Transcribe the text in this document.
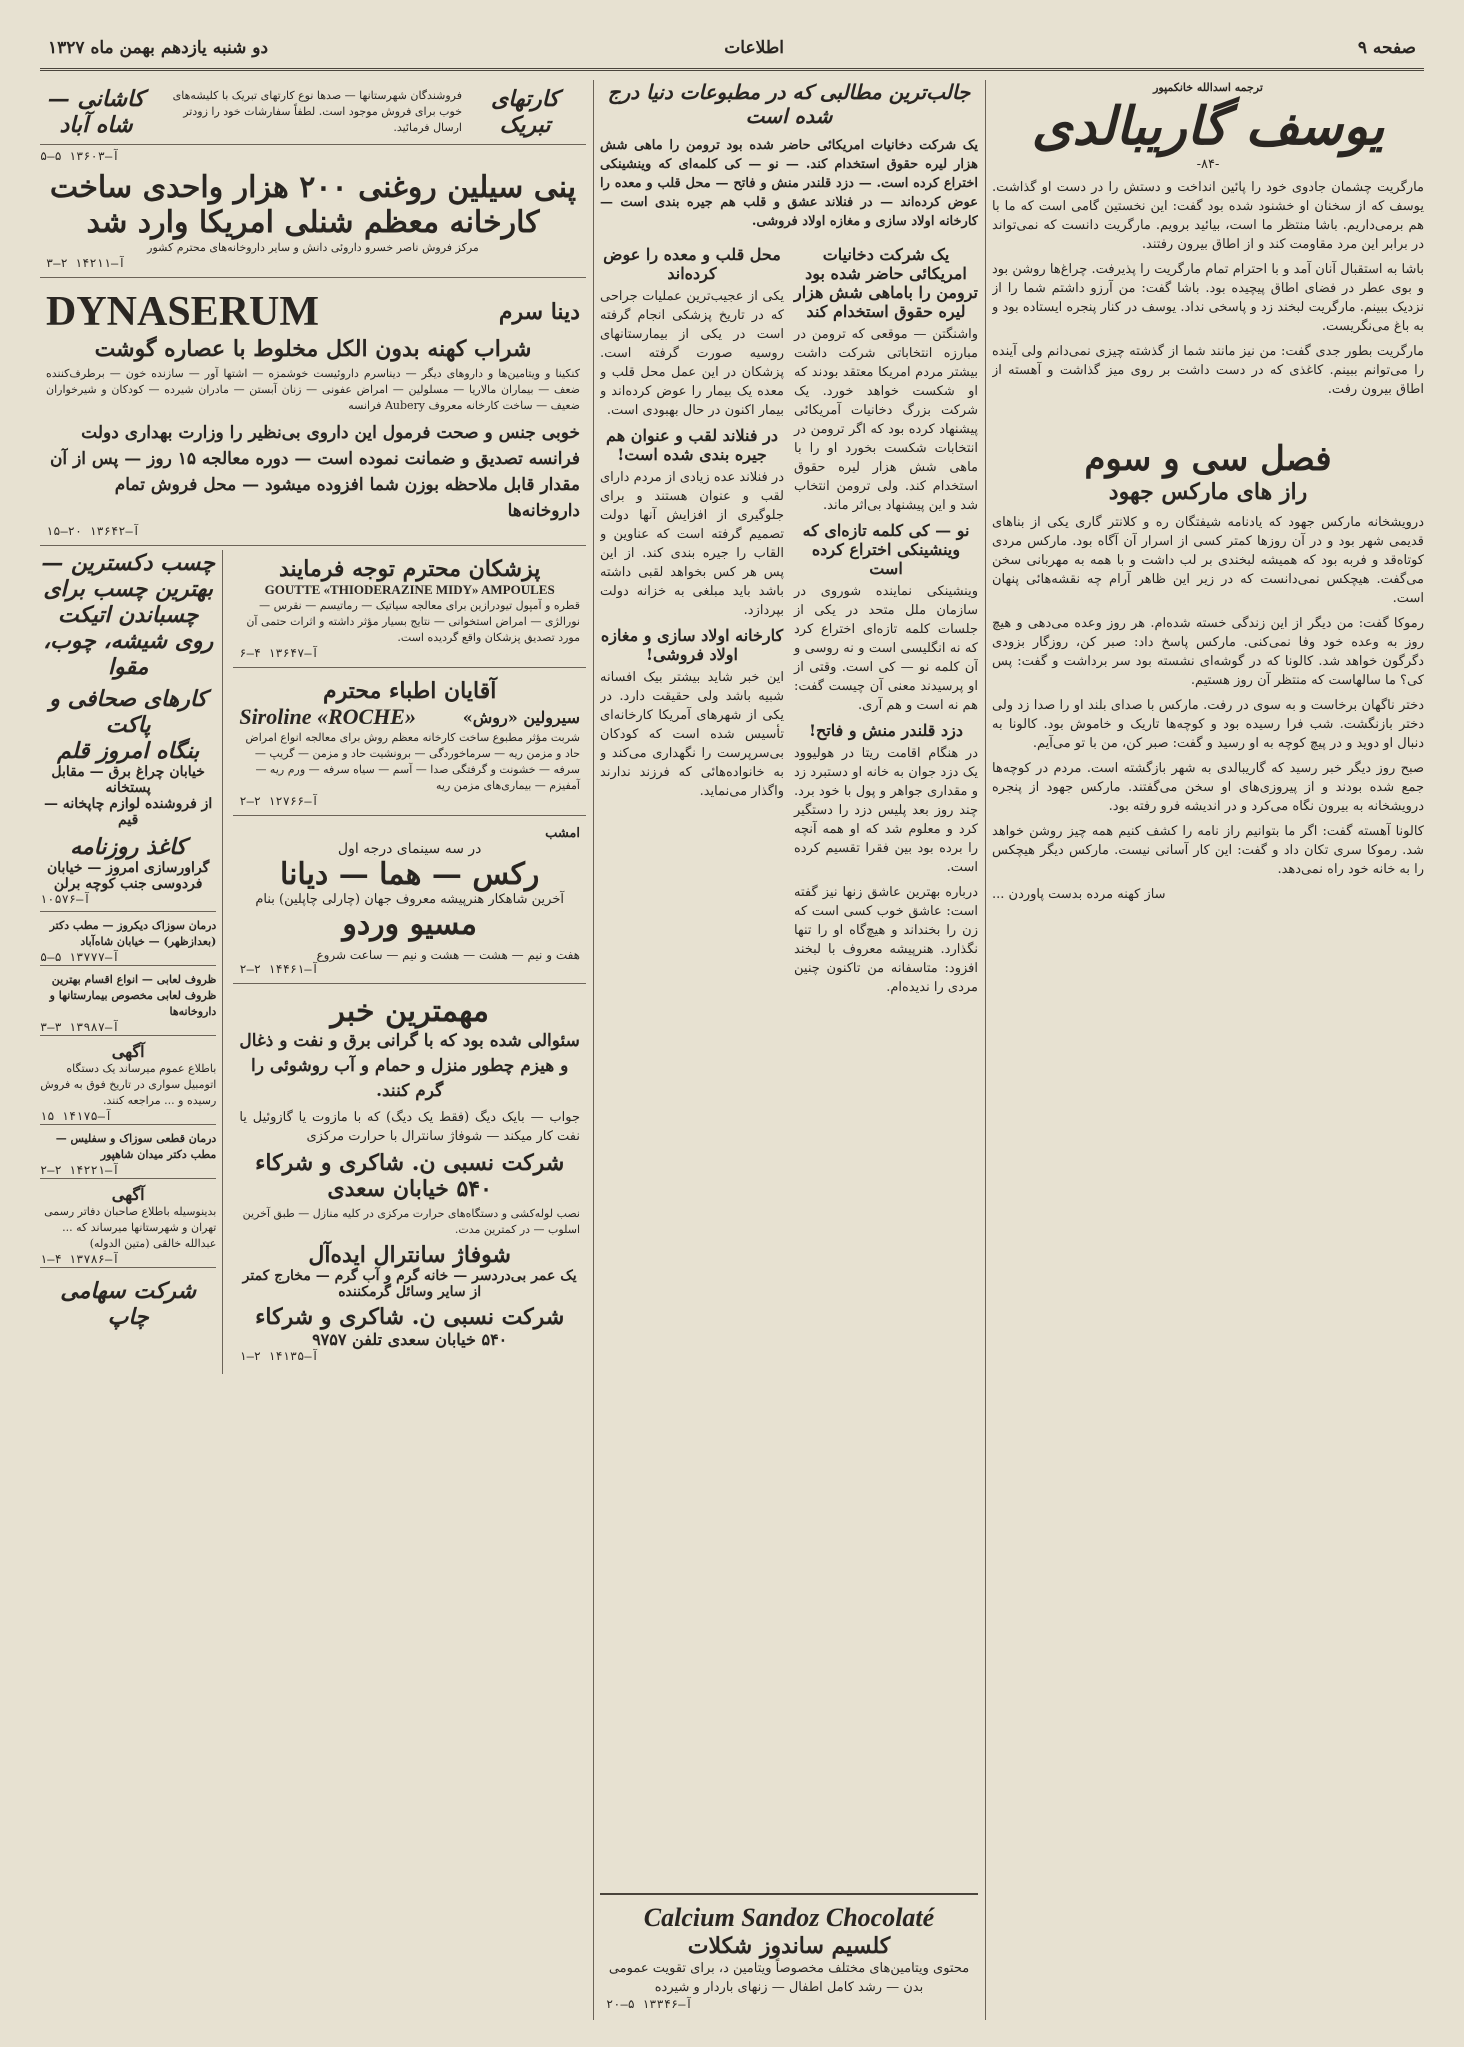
صفحه ۹
اطلاعات
دو شنبه یازدهم بهمن ماه ۱۳۲۷
ترجمه اسدالله خانکمپور
یوسف گاریبالدی
-۸۴-
مارگریت چشمان جادوی خود را پائین انداخت و دستش را در دست او گذاشت. یوسف که از سخنان او خشنود شده بود گفت: این نخستین گامی است که ما با هم برمی‌داریم. باشا منتظر ما است، بیائید برویم. مارگریت دانست که نمی‌تواند در برابر این مرد مقاومت کند و از اطاق بیرون رفتند.
باشا به استقبال آنان آمد و با احترام تمام مارگریت را پذیرفت. چراغ‌ها روشن بود و بوی عطر در فضای اطاق پیچیده بود. باشا گفت: من آرزو داشتم شما را از نزدیک ببینم. مارگریت لبخند زد و پاسخی نداد. یوسف در کنار پنجره ایستاده بود و به باغ می‌نگریست.
مارگریت بطور جدی گفت: من نیز مانند شما از گذشته چیزی نمی‌دانم ولی آینده را می‌توانم ببینم. کاغذی که در دست داشت بر روی میز گذاشت و آهسته از اطاق بیرون رفت.
فصل سی و سوم
راز های مارکس جهود
درویشخانه مارکس جهود که یادنامه شیفتگان ره و کلانتر گاری یکی از بناهای قدیمی شهر بود و در آن روزها کمتر کسی از اسرار آن آگاه بود. مارکس مردی کوتاه‌قد و فربه بود که همیشه لبخندی بر لب داشت و با همه به مهربانی سخن می‌گفت. هیچکس نمی‌دانست که در زیر این ظاهر آرام چه نقشه‌هائی پنهان است.
رموکا گفت: من دیگر از این زندگی خسته شده‌ام. هر روز وعده می‌دهی و هیچ روز به وعده خود وفا نمی‌کنی. مارکس پاسخ داد: صبر کن، روزگار بزودی دگرگون خواهد شد. کالونا که در گوشه‌ای نشسته بود سر برداشت و گفت: پس کی؟ ما سالهاست که منتظر آن روز هستیم.
دختر ناگهان برخاست و به سوی در رفت. مارکس با صدای بلند او را صدا زد ولی دختر بازنگشت. شب فرا رسیده بود و کوچه‌ها تاریک و خاموش بود. کالونا به دنبال او دوید و در پیچ کوچه به او رسید و گفت: صبر کن، من با تو می‌آیم.
صبح روز دیگر خبر رسید که گاریبالدی به شهر بازگشته است. مردم در کوچه‌ها جمع شده بودند و از پیروزی‌های او سخن می‌گفتند. مارکس جهود از پنجره درویشخانه به بیرون نگاه می‌کرد و در اندیشه فرو رفته بود.
کالونا آهسته گفت: اگر ما بتوانیم راز نامه را کشف کنیم همه چیز روشن خواهد شد. رموکا سری تکان داد و گفت: این کار آسانی نیست. مارکس دیگر هیچکس را به خانه خود راه نمی‌دهد.
ساز کهنه مرده بدست پاوردن ...
جالب‌ترین مطالبی که در مطبوعات دنیا درج شده است
یک شرکت دخانیات امریکائی حاضر شده بود ترومن را ماهی شش هزار لیره حقوق استخدام کند. — نو — کی کلمه‌ای که وینشینکی اختراع کرده است. — دزد قلندر منش و فاتح — محل قلب و معده را عوض کرده‌اند — در فنلاند عشق و قلب هم جیره بندی است — کارخانه اولاد سازی و مغازه اولاد فروشی.
یک شرکت دخانیات امریکائی حاضر شده بود ترومن را باماهی شش هزار لیره حقوق استخدام کند
واشنگتن — موقعی که ترومن در مبارزه انتخاباتی شرکت داشت بیشتر مردم امریکا معتقد بودند که او شکست خواهد خورد. یک شرکت بزرگ دخانیات آمریکائی پیشنهاد کرده بود که اگر ترومن در انتخابات شکست بخورد او را با ماهی شش هزار لیره حقوق استخدام کند. ولی ترومن انتخاب شد و این پیشنهاد بی‌اثر ماند.
نو — کی کلمه تازه‌ای که وینشینکی اختراع کرده است
وینشینکی نماینده شوروی در سازمان ملل متحد در یکی از جلسات کلمه تازه‌ای اختراع کرد که نه انگلیسی است و نه روسی و آن کلمه نو — کی است. وقتی از او پرسیدند معنی آن چیست گفت: هم نه است و هم آری.
دزد قلندر منش و فاتح!
در هنگام اقامت ریتا در هولیوود یک دزد جوان به خانه او دستبرد زد و مقداری جواهر و پول با خود برد. چند روز بعد پلیس دزد را دستگیر کرد و معلوم شد که او همه آنچه را برده بود بین فقرا تقسیم کرده است.
درباره بهترین عاشق زنها نیز گفته است: عاشق خوب کسی است که زن را بخنداند و هیچ‌گاه او را تنها نگذارد. هنرپیشه معروف با لبخند افزود: متاسفانه من تاکنون چنین مردی را ندیده‌ام.
محل قلب و معده را عوض کرده‌اند
یکی از عجیب‌ترین عملیات جراحی که در تاریخ پزشکی انجام گرفته است در یکی از بیمارستانهای روسیه صورت گرفته است. پزشکان در این عمل محل قلب و معده یک بیمار را عوض کرده‌اند و بیمار اکنون در حال بهبودی است.
در فنلاند لقب و عنوان هم جیره بندی شده است!
در فنلاند عده زیادی از مردم دارای لقب و عنوان هستند و برای جلوگیری از افزایش آنها دولت تصمیم گرفته است که عناوین و القاب را جیره بندی کند. از این پس هر کس بخواهد لقبی داشته باشد باید مبلغی به خزانه دولت بپردازد.
کارخانه اولاد سازی و مغازه اولاد فروشی!
این خبر شاید بیشتر بیک افسانه شبیه باشد ولی حقیقت دارد. در یکی از شهرهای آمریکا کارخانه‌ای تأسیس شده است که کودکان بی‌سرپرست را نگهداری می‌کند و به خانواده‌هائی که فرزند ندارند واگذار می‌نماید.
Calcium Sandoz Chocolaté
کلسیم ساندوز شکلات
محتوی ویتامین‌های مختلف مخصوصاً ویتامین د، برای تقویت عمومی بدن — رشد کامل اطفال — زنهای باردار و شیرده
۲۰—۵ آ—۱۳۳۴۶
کارتهای تبریک
فروشندگان شهرستانها — صدها نوع کارتهای تبریک با کلیشه‌های خوب برای فروش موجود است. لطفاً سفارشات خود را زودتر ارسال فرمائید.
کاشانی — شاه آباد
آ—۱۳۶۰۳ ۵—۵
پنی سیلین روغنی ۲۰۰ هزار واحدی ساخت
کارخانه معظم شنلی امریکا وارد شد
مرکز فروش ناصر خسرو داروئی دانش و سایر داروخانه‌های محترم کشور
آ—۱۴۲۱۱ ۲—۳
دینا سرم
DYNASERUM
شراب کهنه بدون الکل مخلوط با عصاره گوشت
کنکینا و ویتامین‌ها و داروهای دیگر — دیناسرم داروئیست خوشمزه — اشتها آور — سازنده خون — برطرف‌کننده ضعف — بیماران مالاریا — مسلولین — امراض عفونی — زنان آبستن — مادران شیرده — کودکان و شیرخواران ضعیف — ساخت کارخانه معروف Aubery فرانسه
خوبی جنس و صحت فرمول این داروی بی‌نظیر را وزارت بهداری دولت فرانسه تصدیق و ضمانت نموده است — دوره معالجه ۱۵ روز — پس از آن مقدار قابل ملاحظه بوزن شما افزوده میشود — محل فروش تمام داروخانه‌ها
آ—۱۳۶۴۲ ۲۰—۱۵
پزشکان محترم توجه فرمایند
GOUTTE «THIODERAZINE MIDY» AMPOULES
قطره و آمپول تیودرازین برای معالجه سیاتیک — رماتیسم — نقرس — نورالژی — امراض استخوانی — نتایج بسیار مؤثر داشته و اثرات حتمی آن مورد تصدیق پزشکان واقع گردیده است.
آ—۱۳۶۴۷ ۴—۶
آقایان اطباء محترم
سیرولین «روش»
Siroline «ROCHE»
شربت مؤثر مطبوع ساخت کارخانه معظم روش برای معالجه انواع امراض حاد و مزمن ریه — سرماخوردگی — برونشیت حاد و مزمن — گریپ — سرفه — خشونت و گرفتگی صدا — آسم — سیاه سرفه — ورم ریه — آمفیزم — بیماری‌های مزمن ریه
آ—۱۲۷۶۶ ۲—۲
امشب
در سه سینمای درجه اول
رکس — هما — دیانا
آخرین شاهکار هنرپیشه معروف جهان (چارلی چاپلین) بنام
مسیو وردو
هفت و نیم — هشت — هشت و نیم — ساعت شروع
آ—۱۴۴۶۱ ۲—۲
مهمترین خبر
سئوالی شده بود که با گرانی برق و نفت و ذغال و هیزم چطور منزل و حمام و آب روشوئی را گرم کنند.
جواب — بایک دیگ (فقط یک دیگ) که با مازوت یا گازوئیل یا نفت کار میکند — شوفاژ سانترال با حرارت مرکزی
شرکت نسبی ن. شاکری و شرکاء
۵۴۰ خیابان سعدی
نصب لوله‌کشی و دستگاه‌های حرارت مرکزی در کلیه منازل — طبق آخرین اسلوب — در کمترین مدت.
شوفاژ سانترال ایده‌آل
یک عمر بی‌دردسر — خانه گرم و آب گرم — مخارج کمتر از سایر وسائل گرمکننده
شرکت نسبی ن. شاکری و شرکاء
۵۴۰ خیابان سعدی تلفن ۹۷۵۷
آ—۱۴۱۳۵ ۲—۱
چسب دکسترین — بهترین چسب برای چسباندن اتیکت روی شیشه، چوب، مقوا
کارهای صحافی و پاکت
بنگاه امروز قلم
خیابان چراغ برق — مقابل پستخانه
از فروشنده لوازم چاپخانه — قیم
کاغذ روزنامه
گراورسازی امروز — خیابان فردوسی جنب کوچه برلن
آ—۱۰۵۷۶
درمان سوزاک دیکروز — مطب دکتر (بعدازظهر) — خیابان شاه‌آباد
آ—۱۳۷۷۷ ۵—۵
ظروف لعابی — انواع اقسام بهترین ظروف لعابی مخصوص بیمارستانها و داروخانه‌ها
آ—۱۳۹۸۷ ۳—۳
آگهی
باطلاع عموم میرساند یک دستگاه اتومبیل سواری در تاریخ فوق به فروش رسیده و ... مراجعه کنند.
آ—۱۴۱۷۵ ۱۵
درمان قطعی سوزاک و سفلیس — مطب دکتر میدان شاهپور
آ—۱۴۲۲۱ ۲—۲
آگهی
بدینوسیله باطلاع صاحبان دفاتر رسمی تهران و شهرستانها میرساند که ... عبدالله خالقی (متین الدوله)
آ—۱۳۷۸۶ ۴—۱
شرکت سهامی چاپ
